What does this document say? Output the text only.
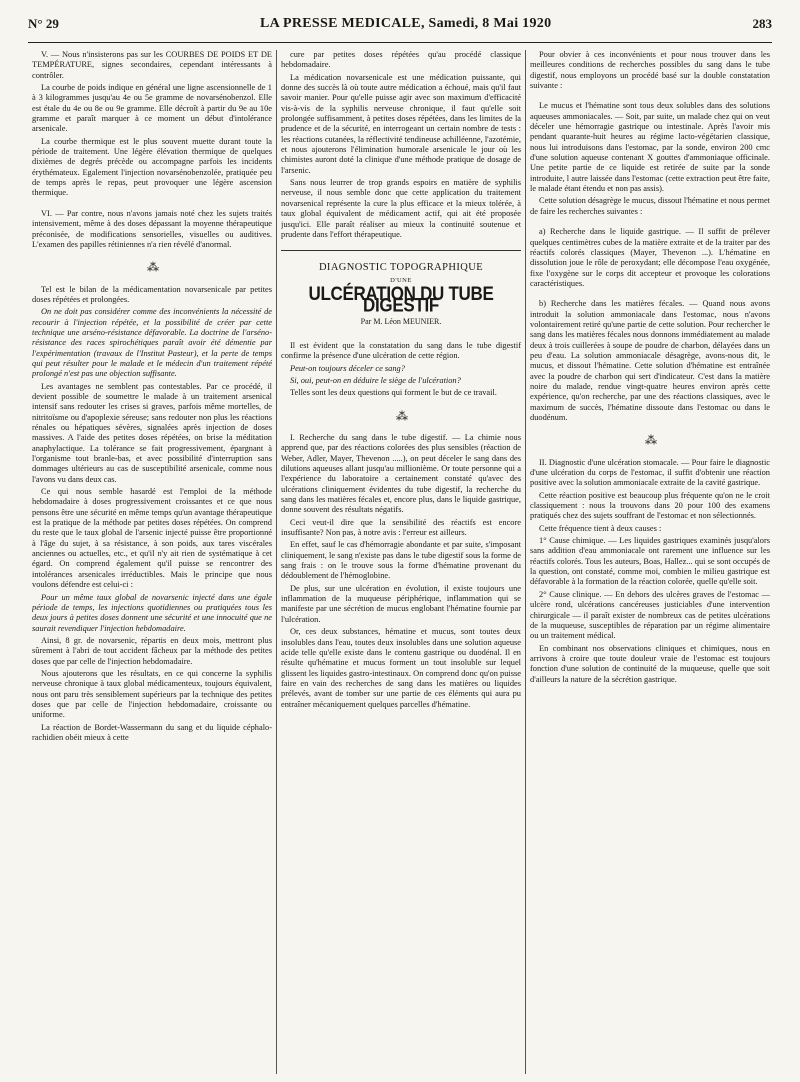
N° 29	LA PRESSE MEDICALE, Samedi, 8 Mai 1920	283

V. — Nous n'insisterons pas sur les COURBES DE POIDS ET DE TEMPÉRATURE, signes secondaires, cependant intéressants à contrôler.

La courbe de poids indique en général une ligne ascensionnelle de 1 à 3 kilogrammes jusqu'au 4e ou 5e gramme de novarsénobenzol. Elle est étale du 4e ou 8e ou 9e gramme. Elle décroît à partir du 9e au 10e gramme et paraît marquer à ce moment un début d'intolérance arsenicale.

La courbe thermique est le plus souvent muette durant toute la période de traitement. Une légère élévation thermique de quelques dixièmes de degrés précède ou accompagne parfois les incidents érythémateux. Egalement l'injection novarsénobenzolée, pratiquée peu de temps après le repas, peut provoquer une légère ascension thermique.

VI. — Par contre, nous n'avons jamais noté chez les sujets traités intensivement, même à des doses dépassant la moyenne thérapeutique préconisée, de modifications sensorielles, visuelles ou auditives. L'examen des papilles rétiniennes n'a rien révélé d'anormal.

⁂

Tel est le bilan de la médicamentation novarsenicale par petites doses répétées et prolongées.

On ne doit pas considérer comme des inconvénients la nécessité de recourir à l'injection répétée, et la possibilité de créer par cette technique une arséno-résistance défavorable. La doctrine de l'arséno-résistance des races spirochétiques paraît avoir été démentie par l'expérimentation (travaux de l'Institut Pasteur), et la perte de temps qui peut résulter pour le malade et le médecin d'un traitement répété prolongé n'est pas une objection suffisante.

Les avantages ne semblent pas contestables. Par ce procédé, il devient possible de soumettre le malade à un traitement arsenical intensif sans redouter les crises si graves, parfois même mortelles, de nitritoïsme ou d'apoplexie séreuse; sans redouter non plus les réactions rénales ou hépatiques sévères, signalées après injection de doses massives. A l'aide des petites doses répétées, on brise la méditation anaphylactique. La tolérance se fait progressivement, épargnant à l'organisme tout branle-bas, et avec possibilité d'interruption sans dommages ultérieurs au cas de susceptibilité arsenicale, comme nous l'avons vu dans deux cas.

Ce qui nous semble hasardé est l'emploi de la méthode hebdomadaire à doses progressivement croissantes et ce que nous pensons être une sécurité en même temps qu'un avantage thérapeutique est la pratique de la méthode par petites doses répétées. On comprend du reste que le taux global de l'arsenic injecté puisse être proportionné à l'âge du sujet, à sa résistance, à son poids, aux tares viscérales anciennes ou actuelles, etc., et qu'il n'y ait rien de systématique à cet égard. On comprend également qu'il puisse se rencontrer des intolérances arsenicales irréductibles. Mais le principe que nous voulons défendre est celui-ci :

Pour un même taux global de novarsenic injecté dans une égale période de temps, les injections quotidiennes ou pratiquées tous les deux jours à petites doses donnent une sécurité et une innocuité que ne saurait revendiquer l'injection hebdomadaire.

Ainsi, 8 gr. de novarsenic, répartis en deux mois, mettront plus sûrement à l'abri de tout accident fâcheux par la méthode des petites doses que par celle de l'injection hebdomadaire.

Nous ajouterons que les résultats, en ce qui concerne la syphilis nerveuse chronique à taux global médicamenteux, toujours équivalent, nous ont paru très sensiblement supérieurs par la technique des petites doses que par celle de l'injection hebdomadaire, croissante ou uniforme.

La réaction de Bordet-Wassermann du sang et du liquide céphalo-rachidien obéit mieux à cette

cure par petites doses répétées qu'au procédé classique hebdomadaire.

La médication novarsenicale est une médication puissante, qui donne des succès là où toute autre médication a échoué, mais qu'il faut savoir manier. Pour qu'elle puisse agir avec son maximum d'efficacité vis-à-vis de la syphilis nerveuse chronique, il faut qu'elle soit prolongée suffisamment, à petites doses répétées, dans les limites de la prudence et de la sécurité, en interrogeant un certain nombre de tests : les réactions cutanées, la réflectivité tendineuse achilléenne, l'azotémie, et nous ajouterons l'élimination humorale arsenicale le jour où les chimistes auront doté la clinique d'une méthode pratique de dosage de l'arsenic.

Sans nous leurrer de trop grands espoirs en matière de syphilis nerveuse, il nous semble donc que cette application du traitement novarsenical représente la cure la plus efficace et la mieux tolérée, à taux global équivalent de médicament actif, qui ait été proposée jusqu'ici. Elle paraît réaliser au mieux la continuité soutenue et prudente dans l'effort thérapeutique.

DIAGNOSTIC TOPOGRAPHIQUE

D'UNE

ULCÉRATION DU TUBE DIGESTIF

Par M. Léon MEUNIER.

Il est évident que la constatation du sang dans le tube digestif confirme la présence d'une ulcération de cette région.

Peut-on toujours déceler ce sang?

Si, oui, peut-on en déduire le siège de l'ulcération?

Telles sont les deux questions qui forment le but de ce travail.

⁂

I. Recherche du sang dans le tube digestif. — La chimie nous apprend que, par des réactions colorées des plus sensibles (réaction de Weber, Adler, Mayer, Thevenon .....), on peut déceler le sang dans des dilutions aqueuses allant jusqu'au millionième. Or toute personne qui a l'expérience du laboratoire a certainement constaté qu'avec des ulcérations cliniquement évidentes du tube digestif, la recherche du sang dans les matières fécales et, encore plus, dans le liquide gastrique, donne souvent des résultats négatifs.

Ceci veut-il dire que la sensibilité des réactifs est encore insuffisante? Non pas, à notre avis : l'erreur est ailleurs.

En effet, sauf le cas d'hémorragie abondante et par suite, s'imposant cliniquement, le sang n'existe pas dans le tube digestif sous la forme de sang frais : on le trouve sous la forme d'hématine provenant du dédoublement de l'hémoglobine.

De plus, sur une ulcération en évolution, il existe toujours une inflammation de la muqueuse périphérique, inflammation qui se manifeste par une sécrétion de mucus englobant l'hématine fournie par l'ulcération.

Or, ces deux substances, hématine et mucus, sont toutes deux insolubles dans l'eau, toutes deux insolubles dans une solution aqueuse acide telle qu'elle existe dans le contenu gastrique ou duodénal. Il en résulte qu'hématine et mucus forment un tout insoluble sur lequel glissent les liquides gastro-intestinaux. On comprend donc qu'on puisse faire en vain des recherches de sang dans les matières ou liquides prélevés, avant de tomber sur une partie de ces éléments qui aura pu entraîner mécaniquement quelques parcelles d'hématine.

Pour obvier à ces inconvénients et pour nous trouver dans les meilleures conditions de recherches possibles du sang dans le tube digestif, nous employons un procédé basé sur la double constatation suivante :

Le mucus et l'hématine sont tous deux solubles dans des solutions aqueuses ammoniacales. — Soit, par suite, un malade chez qui on veut déceler une hémorragie gastrique ou intestinale. Après l'avoir mis pendant quarante-huit heures au régime lacto-végétarien classique, nous lui introduisons dans l'estomac, par la sonde, environ 200 cmc d'une solution aqueuse contenant X gouttes d'ammoniaque officinale. Une petite partie de ce liquide est retirée de suite par la sonde introduite, l autre laissée dans l'estomac (cette extraction peut être faite, le malade étant étendu et non pas assis).

Cette solution désagrège le mucus, dissout l'hématine et nous permet de faire les recherches suivantes :

a) Recherche dans le liquide gastrique. — Il suffit de prélever quelques centimètres cubes de la matière extraite et de la traiter par des réactifs colorés classiques (Mayer, Thevenon ...). L'hématine en dissolution joue le rôle de peroxydant; elle décompose l'eau oxygénée, fixe l'oxygène sur le corps dit accepteur et provoque les colorations caractéristiques.

b) Recherche dans les matières fécales. — Quand nous avons introduit la solution ammoniacale dans l'estomac, nous n'avons volontairement retiré qu'une partie de cette solution. Pour rechercher le sang dans les matières fécales nous donnons immédiatement au malade deux à trois cuillerées à soupe de poudre de charbon, délayées dans un peu d'eau. La solution ammoniacale désagrège, avons-nous dit, le mucus, et dissout l'hématine. Cette solution d'hématine est entraînée avec la poudre de charbon qui sert d'indicateur. C'est dans la matière noire du malade, rendue vingt-quatre heures environ après cette expérience, qu'on recherche, par une des réactions classiques, avec le maximum de succès, l'hématine dissoute dans l'estomac ou dans le duodénum.

⁂

II. Diagnostic d'une ulcération stomacale. — Pour faire le diagnostic d'une ulcération du corps de l'estomac, il suffit d'obtenir une réaction positive avec la solution ammoniacale extraite de la cavité gastrique.

Cette réaction positive est beaucoup plus fréquente qu'on ne le croit classiquement : nous la trouvons dans 20 pour 100 des examens pratiqués chez des sujets souffrant de l'estomac et non sélectionnés.

Cette fréquence tient à deux causes :

1° Cause chimique. — Les liquides gastriques examinés jusqu'alors sans addition d'eau ammoniacale ont rarement une influence sur les réactifs colorés. Tous les auteurs, Boas, Hallez... qui se sont occupés de la question, ont constaté, comme moi, combien le milieu gastrique est défavorable à la formation de la réaction colorée, quelle qu'elle soit.

2° Cause clinique. — En dehors des ulcères graves de l'estomac — ulcère rond, ulcérations cancéreuses justiciables d'une intervention chirurgicale — il paraît exister de nombreux cas de petites ulcérations de la muqueuse, susceptibles de réparation par un régime alimentaire ou un traitement médical.

En combinant nos observations cliniques et chimiques, nous en arrivons à croire que toute douleur vraie de l'estomac est toujours fonction d'une solution de continuité de la muqueuse, quelle que soit d'ailleurs la nature de la sécrétion gastrique.
